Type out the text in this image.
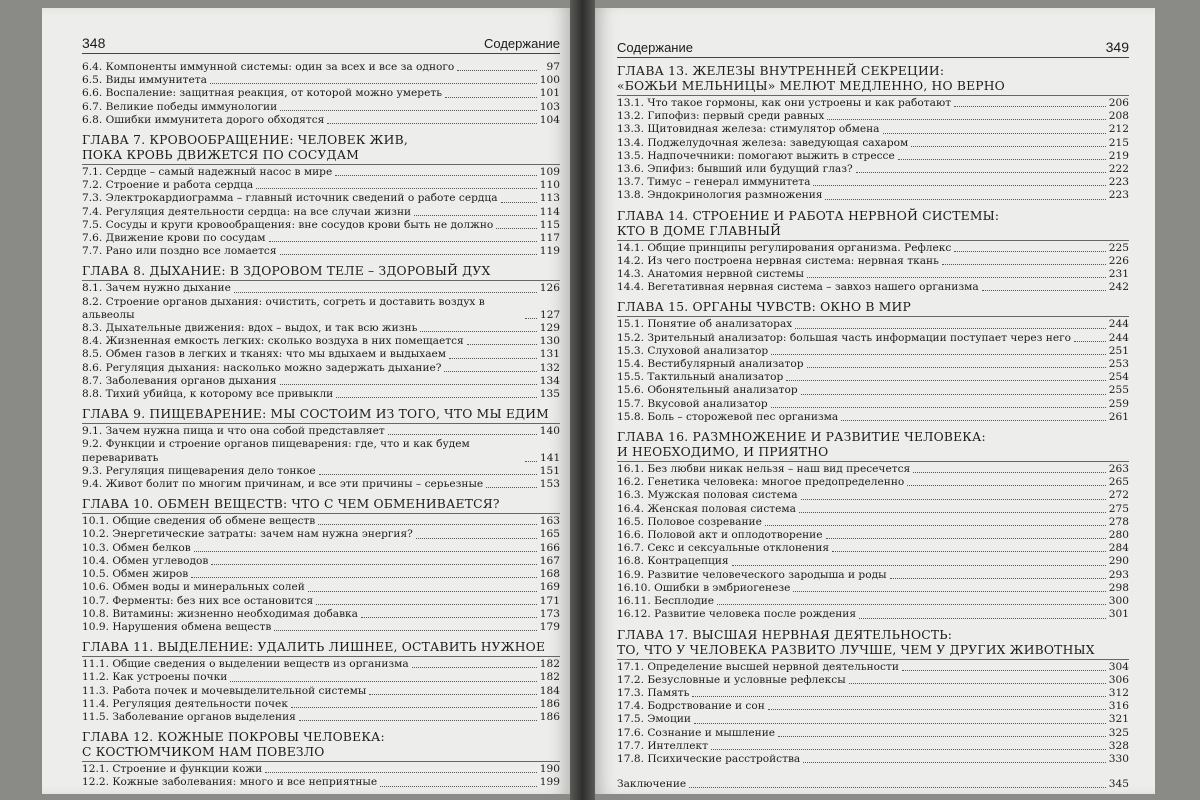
348	Содержание
6.4. Компоненты иммунной системы: один за всех и все за одного	97
6.5. Виды иммунитета	100
6.6. Воспаление: защитная реакция, от которой можно умереть	101
6.7. Великие победы иммунологии	103
6.8. Ошибки иммунитета дорого обходятся	104
ГЛАВА 7. КРОВООБРАЩЕНИЕ: ЧЕЛОВЕК ЖИВ,
ПОКА КРОВЬ ДВИЖЕТСЯ ПО СОСУДАМ
7.1. Сердце – самый надежный насос в мире	109
7.2. Строение и работа сердца	110
7.3. Электрокардиограмма – главный источник сведений о работе сердца	113
7.4. Регуляция деятельности сердца: на все случаи жизни	114
7.5. Сосуды и круги кровообращения: вне сосудов крови быть не должно	115
7.6. Движение крови по сосудам	117
7.7. Рано или поздно все ломается	119
ГЛАВА 8. ДЫХАНИЕ: В ЗДОРОВОМ ТЕЛЕ – ЗДОРОВЫЙ ДУХ
8.1. Зачем нужно дыхание	126
8.2. Строение органов дыхания: очистить, согреть и доставить воздух в альвеолы	127
8.3. Дыхательные движения: вдох – выдох, и так всю жизнь	129
8.4. Жизненная емкость легких: сколько воздуха в них помещается	130
8.5. Обмен газов в легких и тканях: что мы вдыхаем и выдыхаем	131
8.6. Регуляция дыхания: насколько можно задержать дыхание?	132
8.7. Заболевания органов дыхания	134
8.8. Тихий убийца, к которому все привыкли	135
ГЛАВА 9. ПИЩЕВАРЕНИЕ: МЫ СОСТОИМ ИЗ ТОГО, ЧТО МЫ ЕДИМ
9.1. Зачем нужна пища и что она собой представляет	140
9.2. Функции и строение органов пищеварения: где, что и как будем переваривать	141
9.3. Регуляция пищеварения дело тонкое	151
9.4. Живот болит по многим причинам, и все эти причины – серьезные	153
ГЛАВА 10. ОБМЕН ВЕЩЕСТВ: ЧТО С ЧЕМ ОБМЕНИВАЕТСЯ?
10.1. Общие сведения об обмене веществ	163
10.2. Энергетические затраты: зачем нам нужна энергия?	165
10.3. Обмен белков	166
10.4. Обмен углеводов	167
10.5. Обмен жиров	168
10.6. Обмен воды и минеральных солей	169
10.7. Ферменты: без них все остановится	171
10.8. Витамины: жизненно необходимая добавка	173
10.9. Нарушения обмена веществ	179
ГЛАВА 11. ВЫДЕЛЕНИЕ: УДАЛИТЬ ЛИШНЕЕ, ОСТАВИТЬ НУЖНОЕ
11.1. Общие сведения о выделении веществ из организма	182
11.2. Как устроены почки	182
11.3. Работа почек и мочевыделительной системы	184
11.4. Регуляция деятельности почек	186
11.5. Заболевание органов выделения	186
ГЛАВА 12. КОЖНЫЕ ПОКРОВЫ ЧЕЛОВЕКА:
С КОСТЮМЧИКОМ НАМ ПОВЕЗЛО
12.1. Строение и функции кожи	190
12.2. Кожные заболевания: много и все неприятные	199
Содержание	349
ГЛАВА 13. ЖЕЛЕЗЫ ВНУТРЕННЕЙ СЕКРЕЦИИ:
«БОЖЬИ МЕЛЬНИЦЫ» МЕЛЮТ МЕДЛЕННО, НО ВЕРНО
13.1. Что такое гормоны, как они устроены и как работают	206
13.2. Гипофиз: первый среди равных	208
13.3. Щитовидная железа: стимулятор обмена	212
13.4. Поджелудочная железа: заведующая сахаром	215
13.5. Надпочечники: помогают выжить в стрессе	219
13.6. Эпифиз: бывший или будущий глаз?	222
13.7. Тимус – генерал иммунитета	223
13.8. Эндокринология размножения	223
ГЛАВА 14. СТРОЕНИЕ И РАБОТА НЕРВНОЙ СИСТЕМЫ:
КТО В ДОМЕ ГЛАВНЫЙ
14.1. Общие принципы регулирования организма. Рефлекс	225
14.2. Из чего построена нервная система: нервная ткань	226
14.3. Анатомия нервной системы	231
14.4. Вегетативная нервная система – завхоз нашего организма	242
ГЛАВА 15. ОРГАНЫ ЧУВСТВ: ОКНО В МИР
15.1. Понятие об анализаторах	244
15.2. Зрительный анализатор: большая часть информации поступает через него	244
15.3. Слуховой анализатор	251
15.4. Вестибулярный анализатор	253
15.5. Тактильный анализатор	254
15.6. Обонятельный анализатор	255
15.7. Вкусовой анализатор	259
15.8. Боль – сторожевой пес организма	261
ГЛАВА 16. РАЗМНОЖЕНИЕ И РАЗВИТИЕ ЧЕЛОВЕКА:
И НЕОБХОДИМО, И ПРИЯТНО
16.1. Без любви никак нельзя – наш вид пресечется	263
16.2. Генетика человека: многое предопределенно	265
16.3. Мужская половая система	272
16.4. Женская половая система	275
16.5. Половое созревание	278
16.6. Половой акт и оплодотворение	280
16.7. Секс и сексуальные отклонения	284
16.8. Контрацепция	290
16.9. Развитие человеческого зародыша и роды	293
16.10. Ошибки в эмбриогенезе	298
16.11. Бесплодие	300
16.12. Развитие человека после рождения	301
ГЛАВА 17. ВЫСШАЯ НЕРВНАЯ ДЕЯТЕЛЬНОСТЬ:
ТО, ЧТО У ЧЕЛОВЕКА РАЗВИТО ЛУЧШЕ, ЧЕМ У ДРУГИХ ЖИВОТНЫХ
17.1. Определение высшей нервной деятельности	304
17.2. Безусловные и условные рефлексы	306
17.3. Память	312
17.4. Бодрствование и сон	316
17.5. Эмоции	321
17.6. Сознание и мышление	325
17.7. Интеллект	328
17.8. Психические расстройства	330
Заключение	345
